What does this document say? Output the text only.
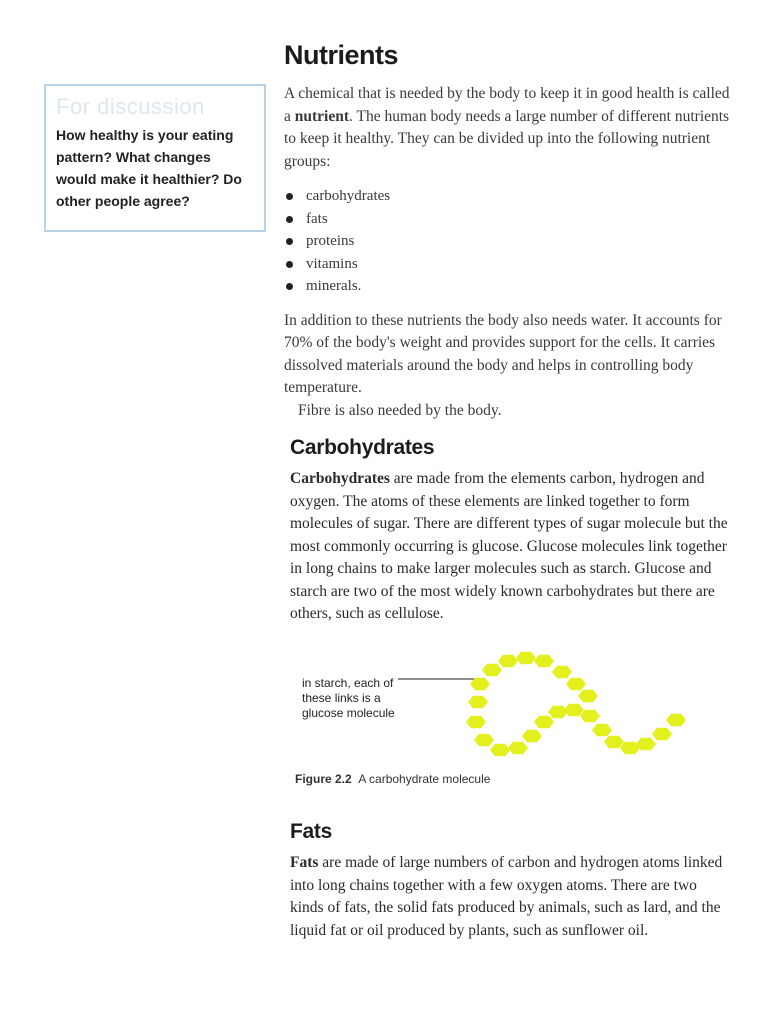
For discussion

How healthy is your eating pattern? What changes would make it healthier? Do other people agree?

Nutrients

A chemical that is needed by the body to keep it in good health is called a nutrient. The human body needs a large number of different nutrients to keep it healthy. They can be divided up into the following nutrient groups:

carbohydrates
fats
proteins
vitamins
minerals.

In addition to these nutrients the body also needs water. It accounts for 70% of the body's weight and provides support for the cells. It carries dissolved materials around the body and helps in controlling body temperature.

Fibre is also needed by the body.

Carbohydrates

Carbohydrates are made from the elements carbon, hydrogen and oxygen. The atoms of these elements are linked together to form molecules of sugar. There are different types of sugar molecule but the most commonly occurring is glucose. Glucose molecules link together in long chains to make larger molecules such as starch. Glucose and starch are two of the most widely known carbohydrates but there are others, such as cellulose.

in starch, each of these links is a glucose molecule
Figure 2.2 A carbohydrate molecule
Fats

Fats are made of large numbers of carbon and hydrogen atoms linked into long chains together with a few oxygen atoms. There are two kinds of fats, the solid fats produced by animals, such as lard, and the liquid fat or oil produced by plants, such as sunflower oil.
